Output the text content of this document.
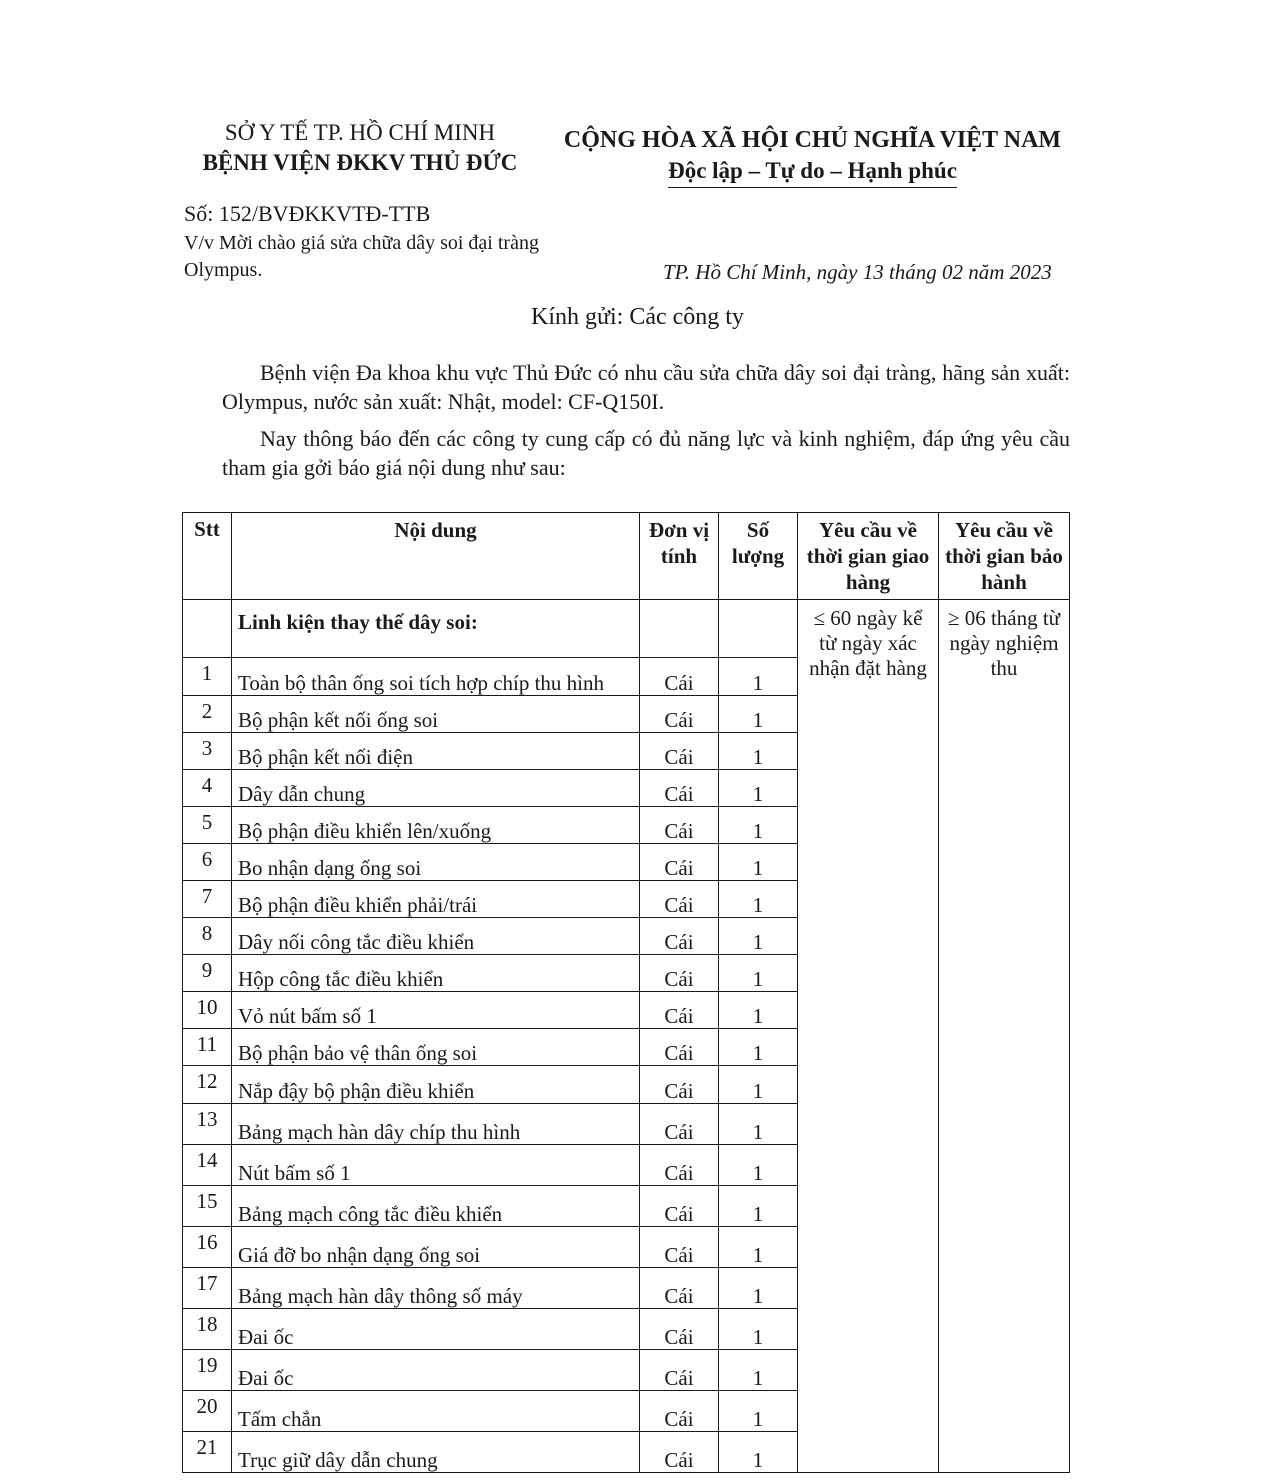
SỞ Y TẾ TP. HỒ CHÍ MINH
BỆNH VIỆN ĐKKV THỦ ĐỨC
CỘNG HÒA XÃ HỘI CHỦ NGHĨA VIỆT NAM
Độc lập – Tự do – Hạnh phúc
Số: 152/BVĐKKVTĐ-TTB
V/v Mời chào giá sửa chữa dây soi đại tràng Olympus.	TP. Hồ Chí Minh, ngày 13 tháng 02 năm 2023
Kính gửi: Các công ty
Bệnh viện Đa khoa khu vực Thủ Đức có nhu cầu sửa chữa dây soi đại tràng, hãng sản xuất: Olympus, nước sản xuất: Nhật, model: CF-Q150I.
Nay thông báo đến các công ty cung cấp có đủ năng lực và kinh nghiệm, đáp ứng yêu cầu tham gia gởi báo giá nội dung như sau:
Stt	Nội dung	Đơn vị tính	Số lượng	Yêu cầu về thời gian giao hàng	Yêu cầu về thời gian bảo hành
	Linh kiện thay thế dây soi:			≤ 60 ngày kể từ ngày xác nhận đặt hàng	≥ 06 tháng từ ngày nghiệm thu

1	Toàn bộ thân ống soi tích hợp chíp thu hình	Cái	1		
2	Bộ phận kết nối ống soi	Cái	1		
3	Bộ phận kết nối điện	Cái	1		
4	Dây dẫn chung	Cái	1		
5	Bộ phận điều khiển lên/xuống	Cái	1		
6	Bo nhận dạng ống soi	Cái	1		
7	Bộ phận điều khiển phải/trái	Cái	1		
8	Dây nối công tắc điều khiển	Cái	1		
9	Hộp công tắc điều khiển	Cái	1		
10	Vỏ nút bấm số 1	Cái	1		
11	Bộ phận bảo vệ thân ống soi	Cái	1		
12	Nắp đậy bộ phận điều khiển	Cái	1		
13	Bảng mạch hàn dây chíp thu hình	Cái	1		
14	Nút bấm số 1	Cái	1		
15	Bảng mạch công tắc điều khiển	Cái	1		
16	Giá đỡ bo nhận dạng ống soi	Cái	1		
17	Bảng mạch hàn dây thông số máy	Cái	1		
18	Đai ốc	Cái	1		
19	Đai ốc	Cái	1		
20	Tấm chắn	Cái	1		
21	Trục giữ dây dẫn chung	Cái	1		
